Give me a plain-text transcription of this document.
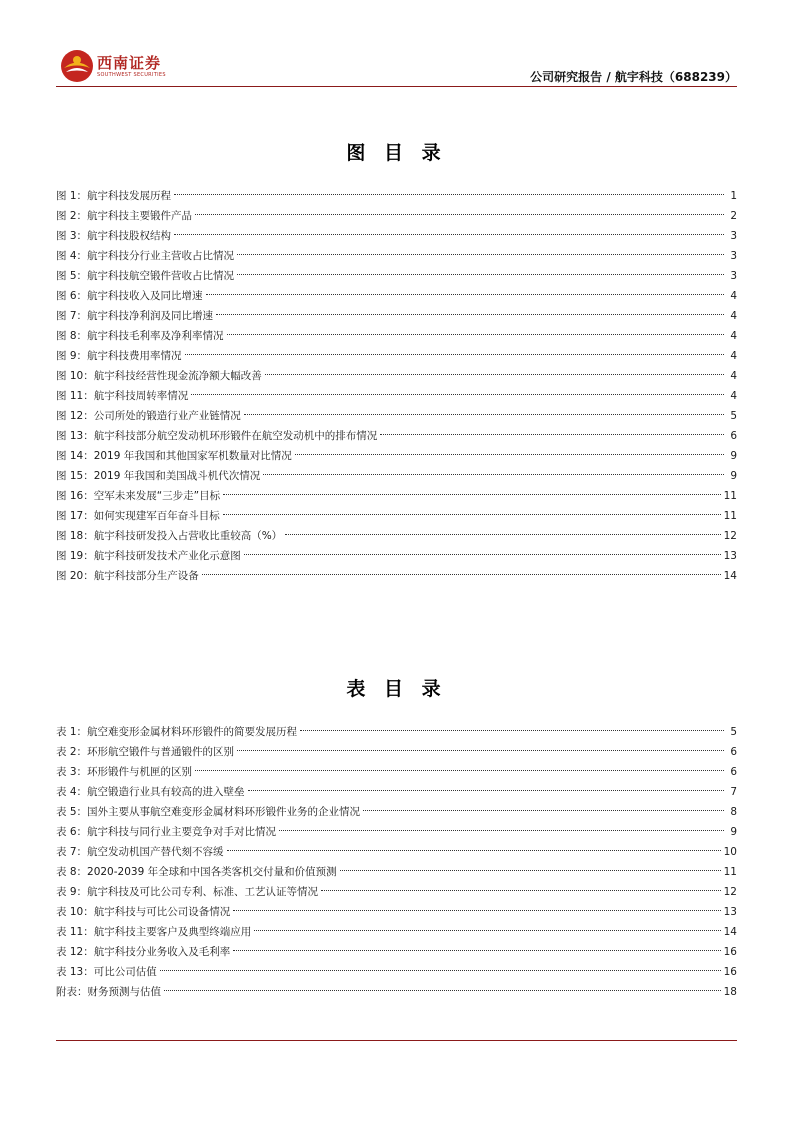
西南证券
SOUTHWEST SECURITIES	公司研究报告 / 航宇科技（688239）
图 目 录
图 1：航宇科技发展历程	1
图 2：航宇科技主要锻件产品	2
图 3：航宇科技股权结构	3
图 4：航宇科技分行业主营收占比情况	3
图 5：航宇科技航空锻件营收占比情况	3
图 6：航宇科技收入及同比增速	4
图 7：航宇科技净利润及同比增速	4
图 8：航宇科技毛利率及净利率情况	4
图 9：航宇科技费用率情况	4
图 10：航宇科技经营性现金流净额大幅改善	4
图 11：航宇科技周转率情况	4
图 12：公司所处的锻造行业产业链情况	5
图 13：航宇科技部分航空发动机环形锻件在航空发动机中的排布情况	6
图 14：2019 年我国和其他国家军机数量对比情况	9
图 15：2019 年我国和美国战斗机代次情况	9
图 16：空军未来发展“三步走”目标	11
图 17：如何实现建军百年奋斗目标	11
图 18：航宇科技研发投入占营收比重较高（%）	12
图 19：航宇科技研发技术产业化示意图	13
图 20：航宇科技部分生产设备	14
表 目 录
表 1：航空难变形金属材料环形锻件的简要发展历程	5
表 2：环形航空锻件与普通锻件的区别	6
表 3：环形锻件与机匣的区别	6
表 4：航空锻造行业具有较高的进入壁垒	7
表 5：国外主要从事航空难变形金属材料环形锻件业务的企业情况	8
表 6：航宇科技与同行业主要竞争对手对比情况	9
表 7：航空发动机国产替代刻不容缓	10
表 8：2020-2039 年全球和中国各类客机交付量和价值预测	11
表 9：航宇科技及可比公司专利、标准、工艺认证等情况	12
表 10：航宇科技与可比公司设备情况	13
表 11：航宇科技主要客户及典型终端应用	14
表 12：航宇科技分业务收入及毛利率	16
表 13：可比公司估值	16
附表：财务预测与估值	18
